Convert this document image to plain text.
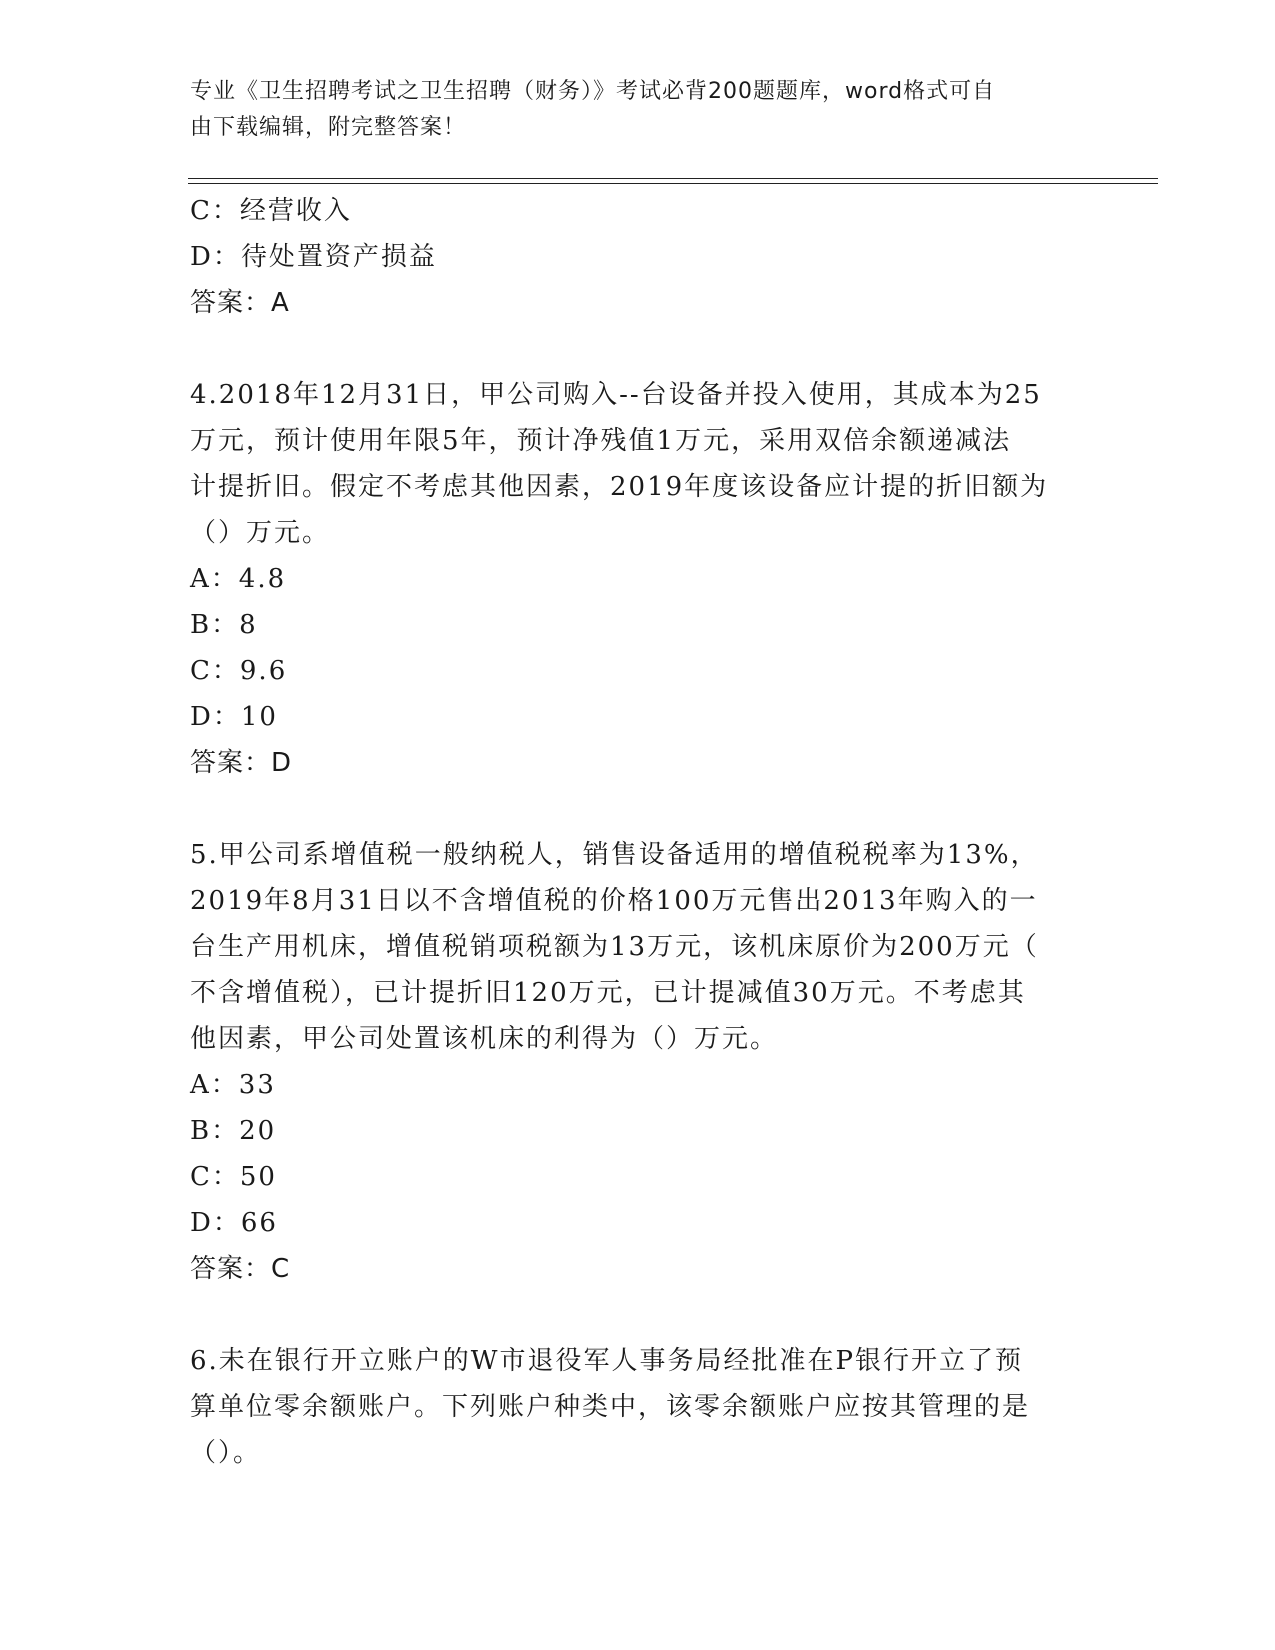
专业《卫生招聘考试之卫生招聘（财务）》考试必背200题题库，word格式可自
由下载编辑，附完整答案！
C：经营收入
D：待处置资产损益
答案：A
4.2018年12月31日，甲公司购入--台设备并投入使用，其成本为25
万元，预计使用年限5年，预计净残值1万元，采用双倍余额递减法
计提折旧。假定不考虑其他因素，2019年度该设备应计提的折旧额为
（）万元。
A：4.8
B：8
C：9.6
D：10
答案：D
5.甲公司系增值税一般纳税人，销售设备适用的增值税税率为13%，
2019年8月31日以不含增值税的价格100万元售出2013年购入的一
台生产用机床，增值税销项税额为13万元，该机床原价为200万元（
不含增值税），已计提折旧120万元，已计提减值30万元。不考虑其
他因素，甲公司处置该机床的利得为（）万元。
A：33
B：20
C：50
D：66
答案：C
6.未在银行开立账户的W市退役军人事务局经批准在P银行开立了预
算单位零余额账户。下列账户种类中，该零余额账户应按其管理的是
（）。
